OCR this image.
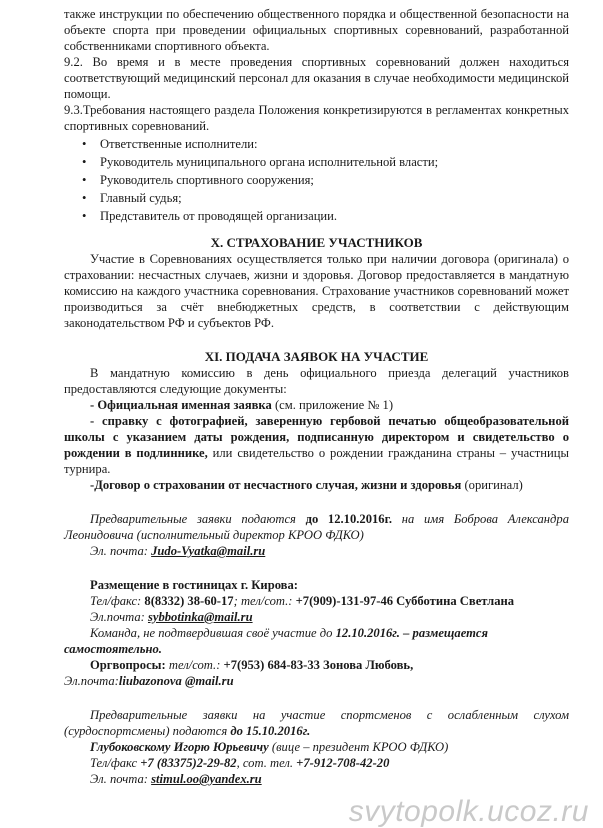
также инструкции по обеспечению общественного порядка и общественной безопасности на объекте спорта при проведении официальных спортивных соревнований, разработанной собственниками спортивного объекта.

9.2. Во время и в месте проведения спортивных соревнований должен находиться соответствующий медицинский персонал для оказания в случае необходимости медицинской помощи.

9.3.Требования настоящего раздела Положения конкретизируются в регламентах конкретных спортивных соревнований.

• Ответственные исполнители:
• Руководитель муниципального органа исполнительной власти;
• Руководитель спортивного сооружения;
• Главный судья;
• Представитель от проводящей организации.
X. СТРАХОВАНИЕ УЧАСТНИКОВ

Участие в Соревнованиях осуществляется только при наличии договора (оригинала) о страховании: несчастных случаев, жизни и здоровья. Договор предоставляется в мандатную комиссию на каждого участника соревнования. Страхование участников соревнований может производиться за счёт внебюджетных средств, в соответствии с действующим законодательством РФ и субъектов РФ.

XI. ПОДАЧА ЗАЯВОК НА УЧАСТИЕ

В мандатную комиссию в день официального приезда делегаций участников предоставляются следующие документы:

- Официальная именная заявка (см. приложение № 1)

- справку с фотографией, заверенную гербовой печатью общеобразовательной школы с указанием даты рождения, подписанную директором и свидетельство о рождении в подлиннике, или свидетельство о рождении гражданина страны – участницы турнира.

-Договор о страховании от несчастного случая, жизни и здоровья (оригинал)

Предварительные заявки подаются до 12.10.2016г. на имя Боброва Александра Леонидовича (исполнительный директор КРОО ФДКО)

Эл. почта: Judo-Vyatka@mail.ru

Размещение в гостиницах г. Кирова:

Тел/факс: 8(8332) 38-60-17; тел/сот.: +7(909)-131-97-46 Субботина Светлана

Эл.почта: sybbotinka@mail.ru

Команда, не подтвердившая своё участие до 12.10.2016г. – размещается самостоятельно.

Оргвопросы: тел/сот.: +7(953) 684-83-33 Зонова Любовь,

Эл.почта:liubazonova @mail.ru

Предварительные заявки на участие спортсменов с ослабленным слухом (сурдоспортсмены) подаются до 15.10.2016г.

Глубоковскому Игорю Юрьевичу (вице – президент КРОО ФДКО)

Тел/факс +7 (83375)2-29-82, сот. тел. +7-912-708-42-20

Эл. почта: stimul.oo@yandex.ru

svytopolk.ucoz.ru
